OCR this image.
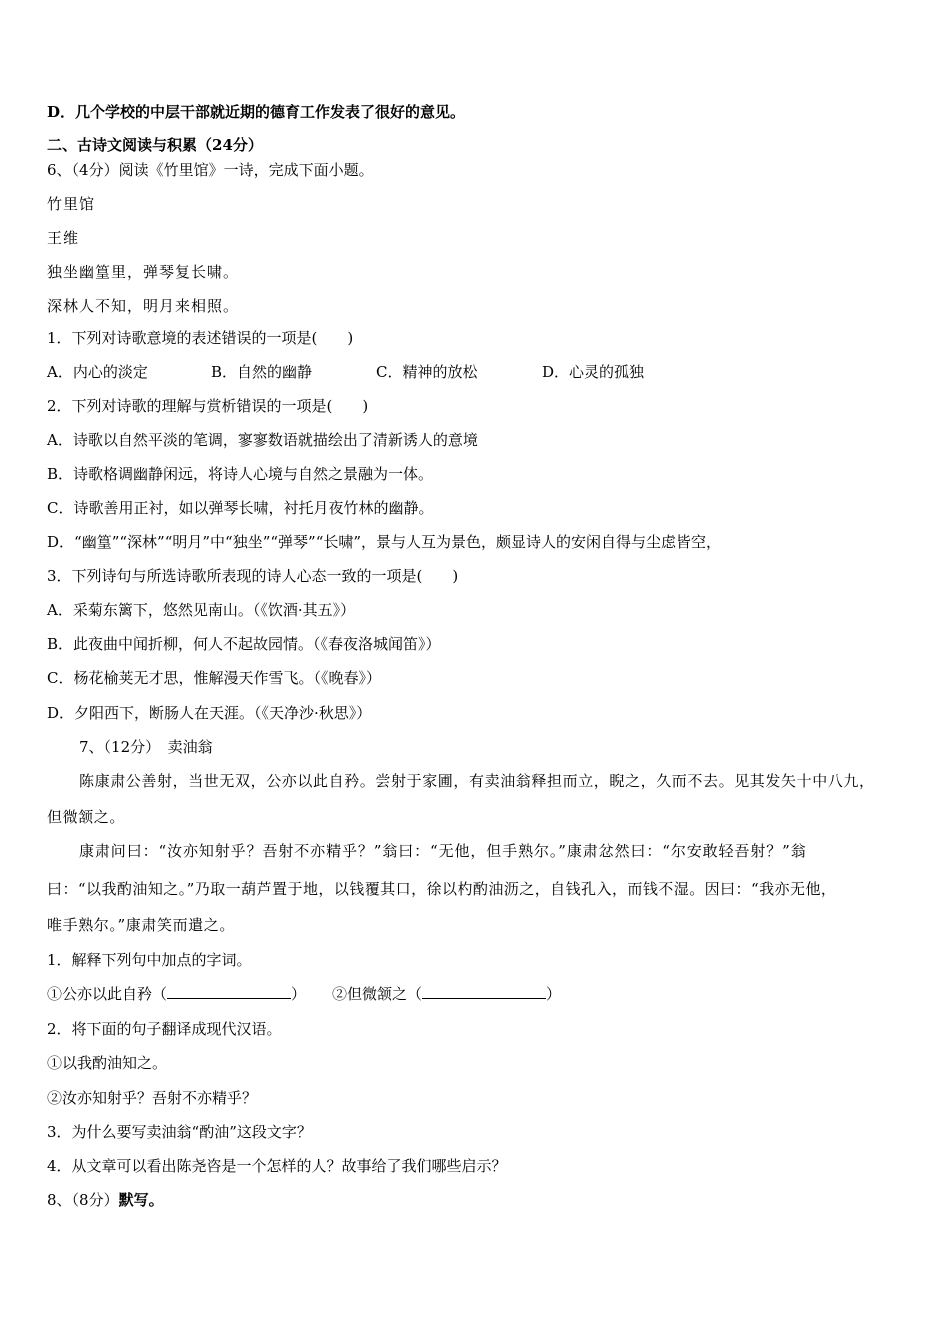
D．几个学校的中层干部就近期的德育工作发表了很好的意见。
二、古诗文阅读与积累（24分）
6、（4分）阅读《竹里馆》一诗，完成下面小题。
竹里馆
王维
独坐幽篁里，弹琴复长啸。
深林人不知，明月来相照。
1．下列对诗歌意境的表述错误的一项是(　　)
A．内心的淡定	B．自然的幽静	C．精神的放松	D．心灵的孤独
2．下列对诗歌的理解与赏析错误的一项是(　　)
A．诗歌以自然平淡的笔调，寥寥数语就描绘出了清新诱人的意境
B．诗歌格调幽静闲远，将诗人心境与自然之景融为一体。
C．诗歌善用正衬，如以弹琴长啸，衬托月夜竹林的幽静。
D．“幽篁”“深林”“明月”中“独坐”“弹琴”“长啸”，景与人互为景色，颇显诗人的安闲自得与尘虑皆空，
3．下列诗句与所选诗歌所表现的诗人心态一致的一项是(　　)
A．采菊东篱下，悠然见南山。（《饮酒·其五》）
B．此夜曲中闻折柳，何人不起故园情。（《春夜洛城闻笛》）
C．杨花榆荚无才思，惟解漫天作雪飞。（《晚春》）
D．夕阳西下，断肠人在天涯。（《天净沙·秋思》）
7、（12分）　卖油翁
陈康肃公善射，当世无双，公亦以此自矜。尝射于家圃，有卖油翁释担而立，睨之，久而不去。见其发矢十中八九，
但微颔之。
康肃问曰：“汝亦知射乎？吾射不亦精乎？”翁曰：“无他，但手熟尔。”康肃忿然曰：“尔安敢轻吾射？”翁
曰：“以我酌油知之。”乃取一葫芦置于地，以钱覆其口，徐以杓酌油沥之，自钱孔入，而钱不湿。因曰：“我亦无他，
唯手熟尔。”康肃笑而遣之。
1．解释下列句中加点的字词。
①公亦以此自矜（	） ②但微颔之（	）
2．将下面的句子翻译成现代汉语。
①以我酌油知之。
②汝亦知射乎？吾射不亦精乎？
3．为什么要写卖油翁“酌油”这段文字？
4．从文章可以看出陈尧咨是一个怎样的人？故事给了我们哪些启示？
8、（8分）默写。
